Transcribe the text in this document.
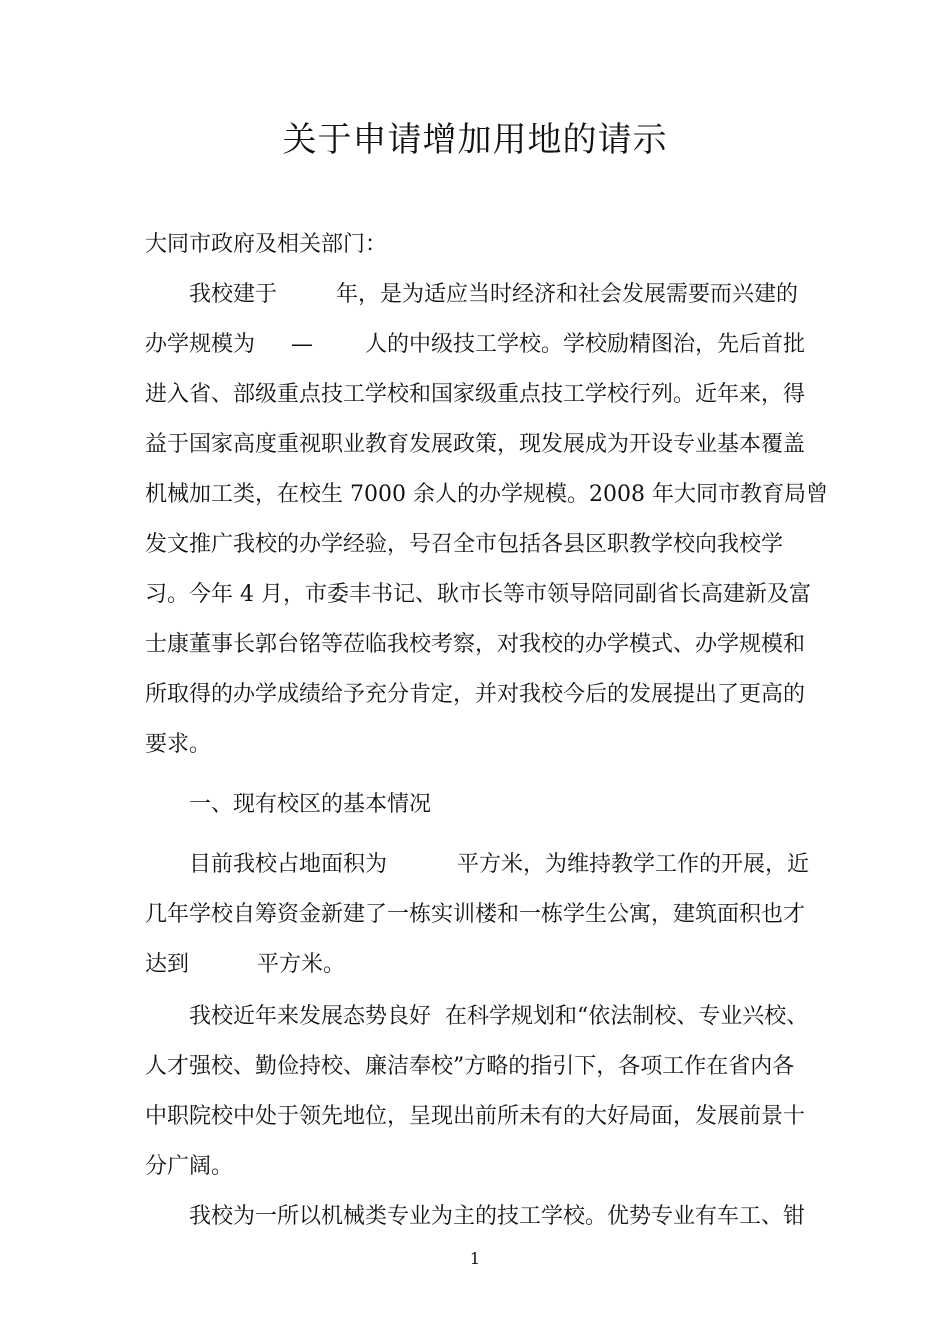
关于申请增加用地的请示
大同市政府及相关部门：
我校建于	年，是为适应当时经济和社会发展需要而兴建的
办学规模为 — 人的中级技工学校。学校励精图治，先后首批
进入省、部级重点技工学校和国家级重点技工学校行列。近年来，得
益于国家高度重视职业教育发展政策，现发展成为开设专业基本覆盖
机械加工类，在校生 7000 余人的办学规模。2008 年大同市教育局曾
发文推广我校的办学经验，号召全市包括各县区职教学校向我校学
习。今年 4 月，市委丰书记、耿市长等市领导陪同副省长高建新及富
士康董事长郭台铭等莅临我校考察，对我校的办学模式、办学规模和
所取得的办学成绩给予充分肯定，并对我校今后的发展提出了更高的
要求。
一、现有校区的基本情况
目前我校占地面积为	平方米，为维持教学工作的开展，近
几年学校自筹资金新建了一栋实训楼和一栋学生公寓，建筑面积也才
达到	平方米。
我校近年来发展态势良好  在科学规划和“依法制校、专业兴校、
人才强校、勤俭持校、廉洁奉校”方略的指引下，各项工作在省内各
中职院校中处于领先地位，呈现出前所未有的大好局面，发展前景十
分广阔。
我校为一所以机械类专业为主的技工学校。优势专业有车工、钳
1
